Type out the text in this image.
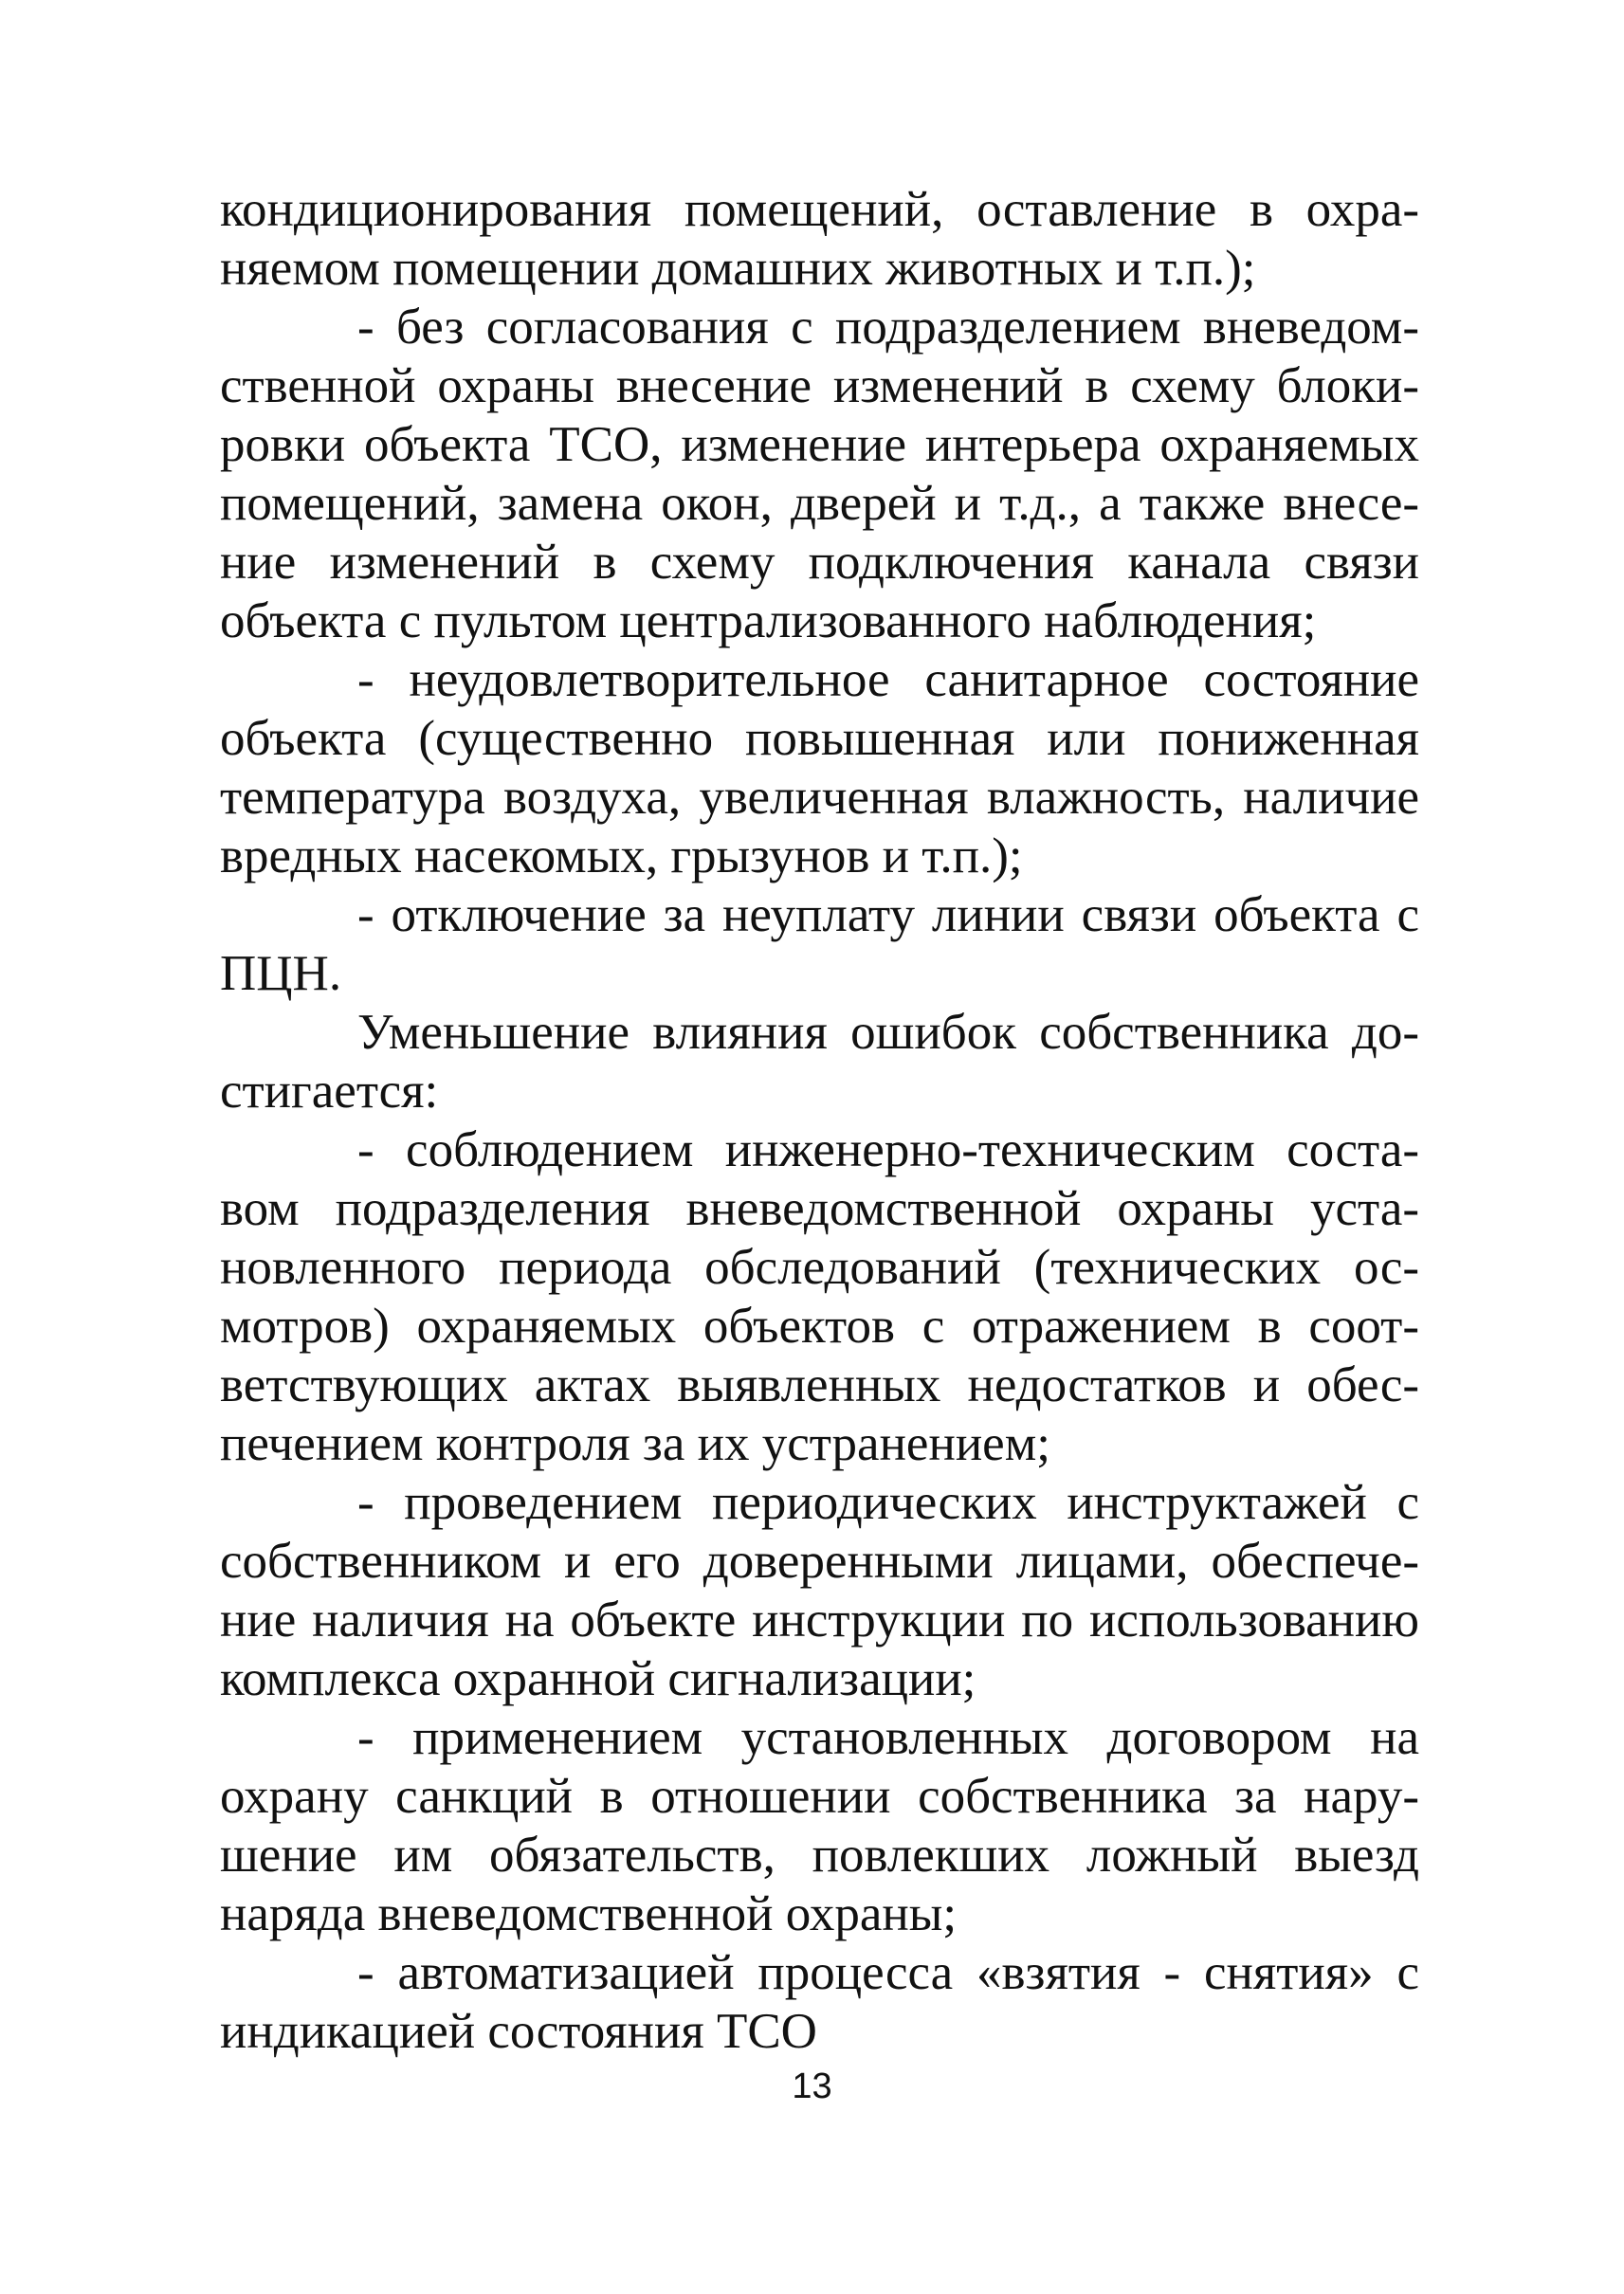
кондиционирования помещений, оставление в охра-
няемом помещении домашних животных и т.п.);
- без согласования с подразделением вневедом-
ственной охраны внесение изменений в схему блоки-
ровки объекта ТСО, изменение интерьера охраняемых
помещений, замена окон, дверей и т.д., а также внесе-
ние изменений в схему подключения канала связи
объекта с пультом централизованного наблюдения;
- неудовлетворительное санитарное состояние
объекта (существенно повышенная или пониженная
температура воздуха, увеличенная влажность, наличие
вредных насекомых, грызунов и т.п.);
- отключение за неуплату линии связи объекта с
ПЦН.
Уменьшение влияния ошибок собственника до-
стигается:
- соблюдением инженерно-техническим соста-
вом подразделения вневедомственной охраны уста-
новленного периода обследований (технических ос-
мотров) охраняемых объектов с отражением в соот-
ветствующих актах выявленных недостатков и обес-
печением контроля за их устранением;
- проведением периодических инструктажей с
собственником и его доверенными лицами, обеспече-
ние наличия на объекте инструкции по использованию
комплекса охранной сигнализации;
- применением установленных договором на
охрану санкций в отношении собственника за нару-
шение им обязательств, повлекших ложный выезд
наряда вневедомственной охраны;
- автоматизацией процесса «взятия - снятия» с
индикацией состояния ТСО
13
